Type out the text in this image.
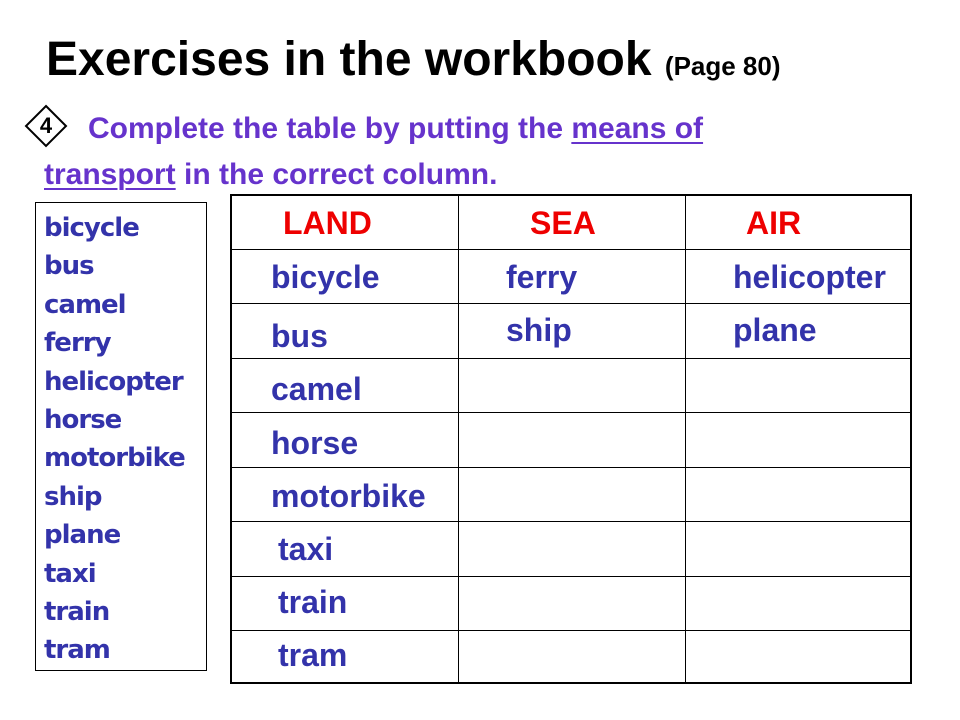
Exercises in the workbook (Page 80)
Complete the table by putting the means of
transport in the correct column.
4
bicycle
bus
camel
ferry
helicopter
horse
motorbike
ship
plane
taxi
train
tram
LAND	SEA	AIR
bicycle
bus
camel
horse
motorbike
taxi
train
tram
ferry
ship
helicopter
plane
